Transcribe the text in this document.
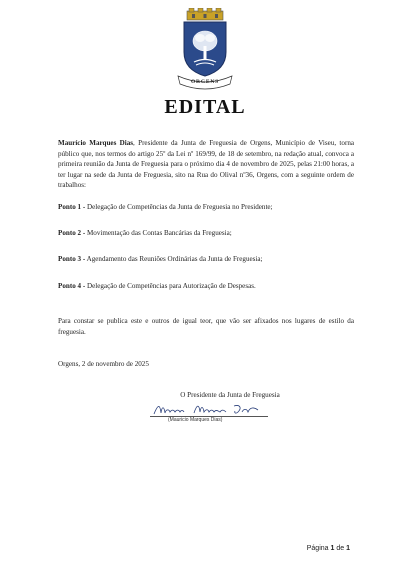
ORGENS
EDITAL
Maurício Marques Dias, Presidente da Junta de Freguesia de Orgens, Município de Viseu, torna público que, nos termos do artigo 25º da Lei nº 169/99, de 18 de setembro, na redação atual, convoca a primeira reunião da Junta de Freguesia para o próximo dia 4 de novembro de 2025, pelas 21:00 horas, a ter lugar na sede da Junta de Freguesia, sito na Rua do Olival nº36, Orgens, com a seguinte ordem de trabalhos:
Ponto 1 - Delegação de Competências da Junta de Freguesia no Presidente;
Ponto 2 - Movimentação das Contas Bancárias da Freguesia;
Ponto 3 - Agendamento das Reuniões Ordinárias da Junta de Freguesia;
Ponto 4 - Delegação de Competências para Autorização de Despesas.
Para constar se publica este e outros de igual teor, que vão ser afixados nos lugares de estilo da freguesia.
Orgens, 2 de novembro de 2025
O Presidente da Junta de Freguesia
(Mauricio Marques Dias)
Página 1 de 1
